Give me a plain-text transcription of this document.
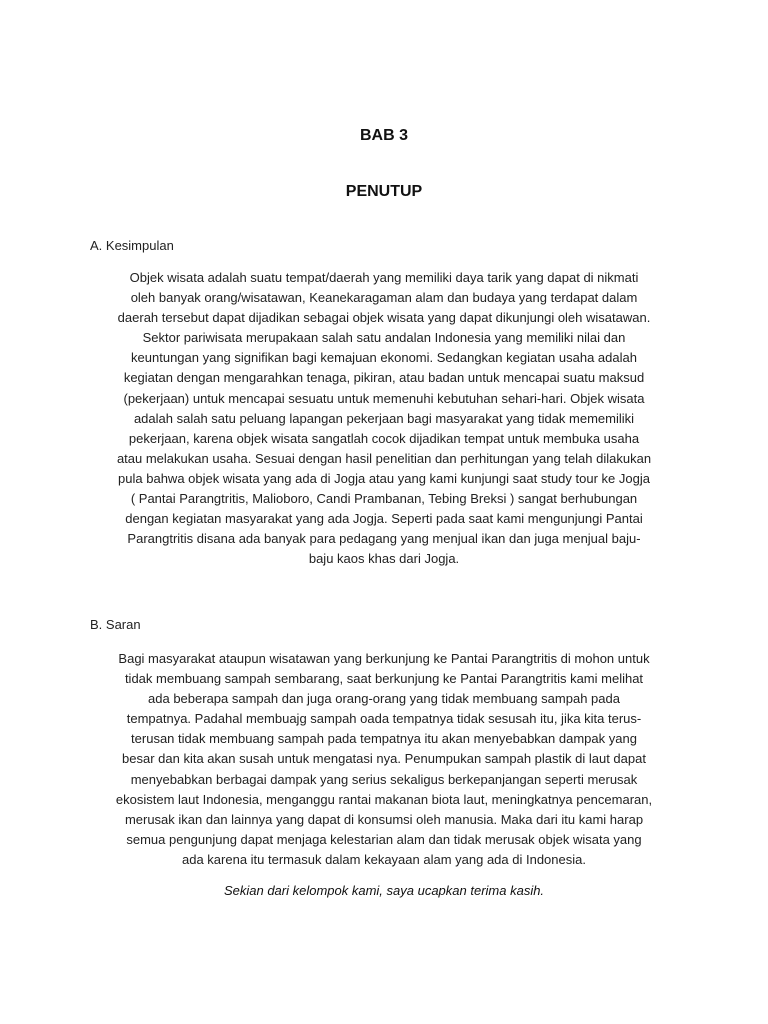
BAB 3
PENUTUP

A. Kesimpulan

Objek wisata adalah suatu tempat/daerah yang memiliki daya tarik yang dapat di nikmati
oleh banyak orang/wisatawan, Keanekaragaman alam dan budaya yang terdapat dalam
daerah tersebut dapat dijadikan sebagai objek wisata yang dapat dikunjungi oleh wisatawan.
Sektor pariwisata merupakaan salah satu andalan Indonesia yang memiliki nilai dan
keuntungan yang signifikan bagi kemajuan ekonomi. Sedangkan kegiatan usaha adalah
kegiatan dengan mengarahkan tenaga, pikiran, atau badan untuk mencapai suatu maksud
(pekerjaan) untuk mencapai sesuatu untuk memenuhi kebutuhan sehari-hari. Objek wisata
adalah salah satu peluang lapangan pekerjaan bagi masyarakat yang tidak mememiliki
pekerjaan, karena objek wisata sangatlah cocok dijadikan tempat untuk membuka usaha
atau melakukan usaha. Sesuai dengan hasil penelitian dan perhitungan yang telah dilakukan
pula bahwa objek wisata yang ada di Jogja atau yang kami kunjungi saat study tour ke Jogja
( Pantai Parangtritis, Malioboro, Candi Prambanan, Tebing Breksi ) sangat berhubungan
dengan kegiatan masyarakat yang ada Jogja. Seperti pada saat kami mengunjungi Pantai
Parangtritis disana ada banyak para pedagang yang menjual ikan dan juga menjual baju-
baju kaos khas dari Jogja.

B. Saran

Bagi masyarakat ataupun wisatawan yang berkunjung ke Pantai Parangtritis di mohon untuk
tidak membuang sampah sembarang, saat berkunjung ke Pantai Parangtritis kami melihat
ada beberapa sampah dan juga orang-orang yang tidak membuang sampah pada
tempatnya. Padahal membuajg sampah oada tempatnya tidak sesusah itu, jika kita terus-
terusan tidak membuang sampah pada tempatnya itu akan menyebabkan dampak yang
besar dan kita akan susah untuk mengatasi nya. Penumpukan sampah plastik di laut dapat
menyebabkan berbagai dampak yang serius sekaligus berkepanjangan seperti merusak
ekosistem laut Indonesia, menganggu rantai makanan biota laut, meningkatnya pencemaran,
merusak ikan dan lainnya yang dapat di konsumsi oleh manusia. Maka dari itu kami harap
semua pengunjung dapat menjaga kelestarian alam dan tidak merusak objek wisata yang
ada karena itu termasuk dalam kekayaan alam yang ada di Indonesia.

Sekian dari kelompok kami, saya ucapkan terima kasih.
